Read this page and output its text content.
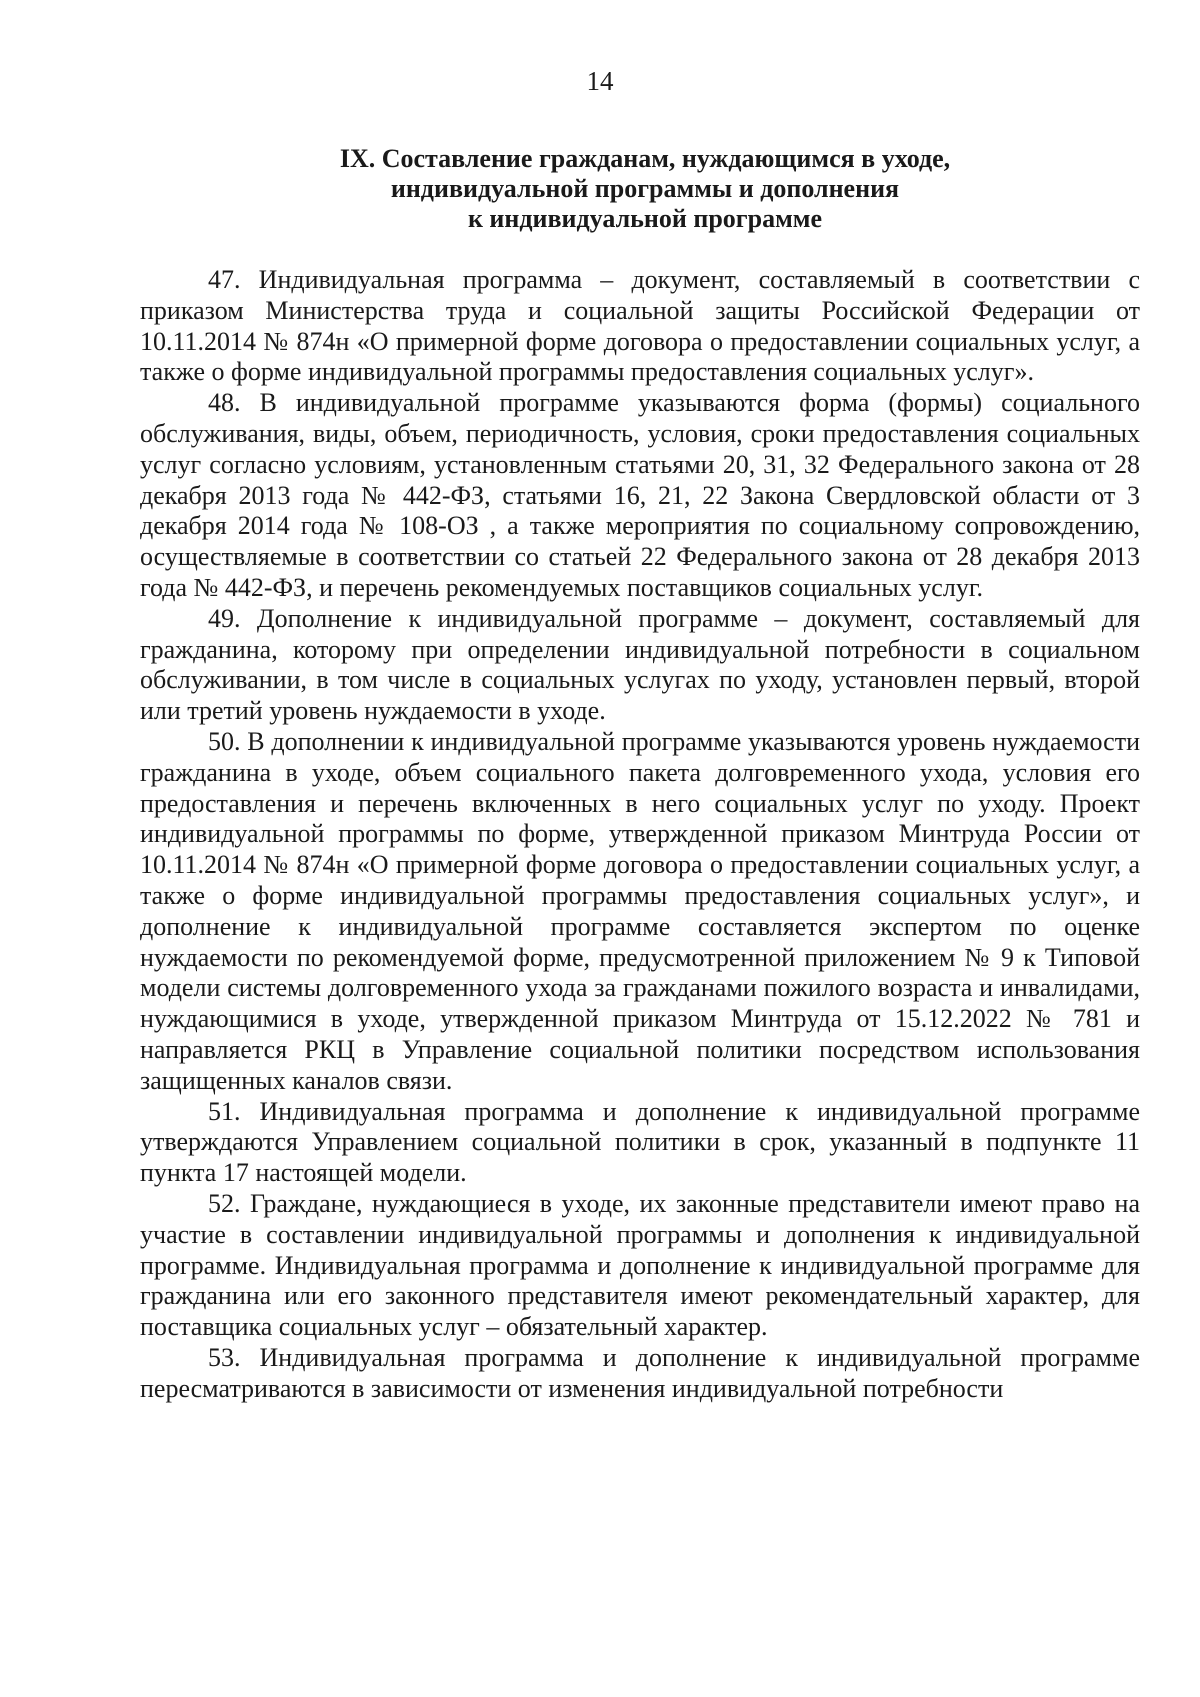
14
IX. Составление гражданам, нуждающимся в уходе,
индивидуальной программы и дополнения
к индивидуальной программе

47. Индивидуальная программа – документ, составляемый в соответствии с приказом Министерства труда и социальной защиты Российской Федерации от 10.11.2014 № 874н «О примерной форме договора о предоставлении социальных услуг, а также о форме индивидуальной программы предоставления социальных услуг».

48. В индивидуальной программе указываются форма (формы) социального обслуживания, виды, объем, периодичность, условия, сроки предоставления социальных услуг согласно условиям, установленным статьями 20, 31, 32 Федерального закона от 28 декабря 2013 года № 442-ФЗ, статьями 16, 21, 22 Закона Свердловской области от 3 декабря 2014 года № 108-ОЗ , а также мероприятия по социальному сопровождению, осуществляемые в соответствии со статьей 22 Федерального закона от 28 декабря 2013 года № 442-ФЗ, и перечень рекомендуемых поставщиков социальных услуг.

49. Дополнение к индивидуальной программе – документ, составляемый для гражданина, которому при определении индивидуальной потребности в социальном обслуживании, в том числе в социальных услугах по уходу, установлен первый, второй или третий уровень нуждаемости в уходе.

50. В дополнении к индивидуальной программе указываются уровень нуждаемости гражданина в уходе, объем социального пакета долговременного ухода, условия его предоставления и перечень включенных в него социальных услуг по уходу. Проект индивидуальной программы по форме, утвержденной приказом Минтруда России от 10.11.2014 № 874н «О примерной форме договора о предоставлении социальных услуг, а также о форме индивидуальной программы предоставления социальных услуг», и дополнение к индивидуальной программе составляется экспертом по оценке нуждаемости по рекомендуемой форме, предусмотренной приложением № 9 к Типовой модели системы долговременного ухода за гражданами пожилого возраста и инвалидами, нуждающимися в уходе, утвержденной приказом Минтруда от 15.12.2022 № 781 и направляется РКЦ в Управление социальной политики посредством использования защищенных каналов связи.

51. Индивидуальная программа и дополнение к индивидуальной программе утверждаются Управлением социальной политики в срок, указанный в подпункте 11 пункта 17 настоящей модели.

52. Граждане, нуждающиеся в уходе, их законные представители имеют право на участие в составлении индивидуальной программы и дополнения к индивидуальной программе. Индивидуальная программа и дополнение к индивидуальной программе для гражданина или его законного представителя имеют рекомендательный характер, для поставщика социальных услуг – обязательный характер.

53. Индивидуальная программа и дополнение к индивидуальной программе пересматриваются в зависимости от изменения индивидуальной потребности
